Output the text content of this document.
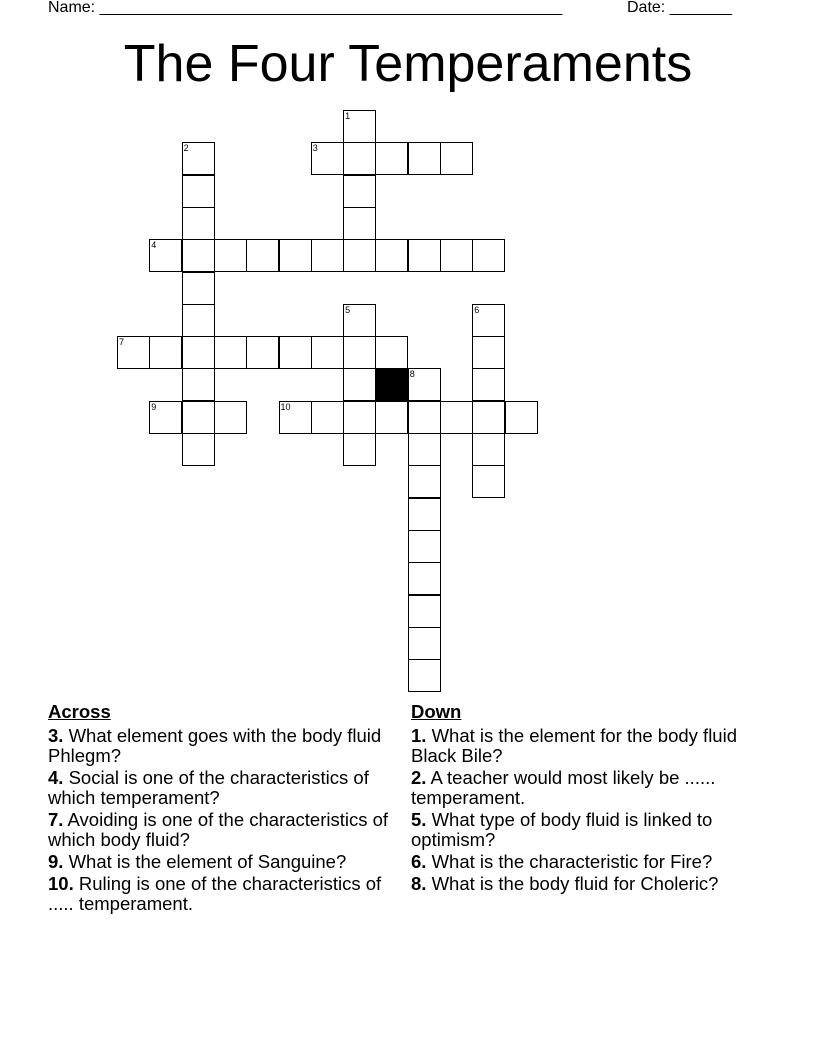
Name: ____________________________________________________	Date: _______
The Four Temperaments
1
2	3
4
5	6
7
8
9	10
Across
3. What element goes with the body fluid Phlegm?
4. Social is one of the characteristics of which temperament?
7. Avoiding is one of the characteristics of which body fluid?
9. What is the element of Sanguine?
10. Ruling is one of the characteristics of ..... temperament.
Down
1. What is the element for the body fluid Black Bile?
2. A teacher would most likely be ...... temperament.
5. What type of body fluid is linked to optimism?
6. What is the characteristic for Fire?
8. What is the body fluid for Choleric?
